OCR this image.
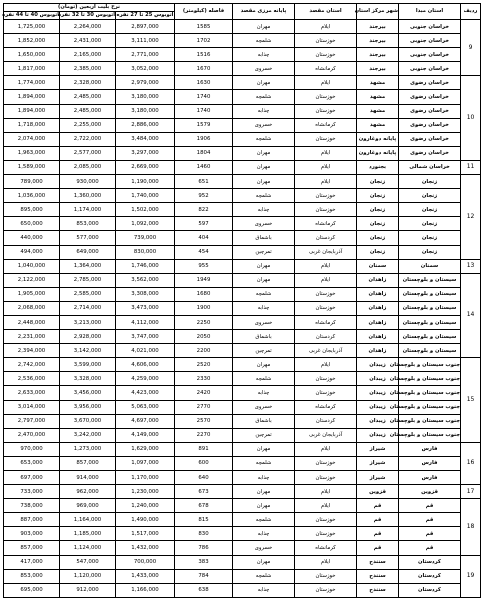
ردیف	استان مبدا	شهر مرکز استان	استان مقصد	پایانه مرزی مقصد	فاصله (کیلومتر)	نرخ بلیت اربعین (تومان)		
						اتوبوس 25 تا 27 نفره	اتوبوس 30 تا 32 نفره	اتوبوس 40 تا 44 نفره
9	خراسان جنوبی	بیرجند	ایلام	مهران	1585	2,897,000	2,264,000	1,725,000
	خراسان جنوبی	بیرجند	خوزستان	شلمچه	1702	3,111,000	2,431,000	1,852,000
	خراسان جنوبی	بیرجند	خوزستان	چذابه	1516	2,771,000	2,165,000	1,650,000
	خراسان جنوبی	بیرجند	کرمانشاه	خسروی	1670	3,052,000	2,385,000	1,817,000
10	خراسان رضوی	مشهد	ایلام	مهران	1630	2,979,000	2,328,000	1,774,000
	خراسان رضوی	مشهد	خوزستان	شلمچه	1740	3,180,000	2,485,000	1,894,000
	خراسان رضوی	مشهد	خوزستان	چذابه	1740	3,180,000	2,485,000	1,894,000
	خراسان رضوی	مشهد	کرمانشاه	خسروی	1579	2,886,000	2,255,000	1,718,000
	خراسان رضوی	پایانه دوغارون	خوزستان	شلمچه	1906	3,484,000	2,722,000	2,074,000
	خراسان رضوی	پایانه دوغارون	ایلام	مهران	1804	3,297,000	2,577,000	1,963,000
11	خراسان شمالی	بجنورد	ایلام	مهران	1460	2,669,000	2,085,000	1,589,000
12	زنجان	زنجان	ایلام	مهران	651	1,190,000	930,000	789,000
	زنجان	زنجان	خوزستان	شلمچه	952	1,740,000	1,360,000	1,036,000
	زنجان	زنجان	خوزستان	چذابه	822	1,502,000	1,174,000	895,000
	زنجان	زنجان	کرمانشاه	خسروی	597	1,092,000	853,000	650,000
	زنجان	زنجان	کردستان	باشماق	404	739,000	577,000	440,000
	زنجان	زنجان	آذربایجان غربی	تمرچین	454	830,000	649,000	494,000
13	سمنان	سمنان	ایلام	مهران	955	1,746,000	1,364,000	1,040,000
14	سیستان و بلوچستان	زاهدان	ایلام	مهران	1949	3,562,000	2,785,000	2,122,000
	سیستان و بلوچستان	زاهدان	خوزستان	شلمچه	1680	3,308,000	2,585,000	1,905,000
	سیستان و بلوچستان	زاهدان	خوزستان	چذابه	1900	3,473,000	2,714,000	2,068,000
	سیستان و بلوچستان	زاهدان	کرمانشاه	خسروی	2250	4,112,000	3,213,000	2,448,000
	سیستان و بلوچستان	زاهدان	کردستان	باشماق	2050	3,747,000	2,928,000	2,231,000
	سیستان و بلوچستان	زاهدان	آذربایجان غربی	تمرچین	2200	4,021,000	3,142,000	2,394,000
15	جنوب سیستان و بلوچستان	زیبدان	ایلام	مهران	2520	4,606,000	3,599,000	2,742,000
	جنوب سیستان و بلوچستان	زیبدان	خوزستان	شلمچه	2330	4,259,000	3,328,000	2,536,000
	جنوب سیستان و بلوچستان	زیبدان	خوزستان	چذابه	2420	4,423,000	3,456,000	2,633,000
	جنوب سیستان و بلوچستان	زیبدان	کرمانشاه	خسروی	2770	5,063,000	3,956,000	3,014,000
	جنوب سیستان و بلوچستان	زیبدان	کردستان	باشماق	2570	4,697,000	3,670,000	2,797,000
	جنوب سیستان و بلوچستان	زیبدان	آذربایجان غربی	تمرچین	2270	4,149,000	3,242,000	2,470,000
16	فارس	شیراز	ایلام	مهران	891	1,629,000	1,273,000	970,000
	فارس	شیراز	خوزستان	شلمچه	600	1,097,000	857,000	653,000
	فارس	شیراز	خوزستان	چذابه	640	1,170,000	914,000	697,000
17	قزوین	قزوین	ایلام	مهران	673	1,230,000	962,000	733,000
18	قم	قم	ایلام	مهران	678	1,240,000	969,000	738,000
	قم	قم	خوزستان	شلمچه	815	1,490,000	1,164,000	887,000
	قم	قم	خوزستان	چذابه	830	1,517,000	1,185,000	903,000
	قم	قم	کرمانشاه	خسروی	786	1,432,000	1,124,000	857,000
19	کردستان	سنندج	ایلام	مهران	383	700,000	547,000	417,000
	کردستان	سنندج	خوزستان	شلمچه	784	1,433,000	1,120,000	853,000
	کردستان	سنندج	خوزستان	چذابه	638	1,166,000	912,000	695,000
